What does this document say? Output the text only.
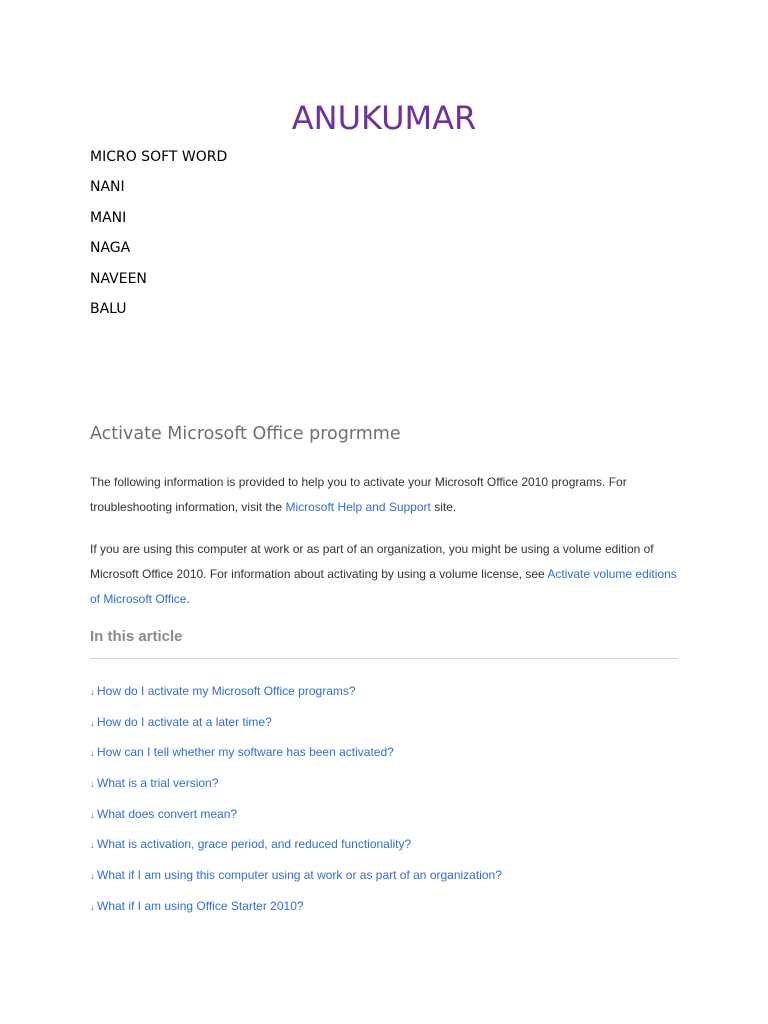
ANUKUMAR
MICRO SOFT WORD
NANI
MANI
NAGA
NAVEEN
BALU
Activate Microsoft Office progrmme

The following information is provided to help you to activate your Microsoft Office 2010 programs. For troubleshooting information, visit the Microsoft Help and Support site.

If you are using this computer at work or as part of an organization, you might be using a volume edition of Microsoft Office 2010. For information about activating by using a volume license, see Activate volume editions of Microsoft Office.

In this article
↓ How do I activate my Microsoft Office programs?
↓ How do I activate at a later time?
↓ How can I tell whether my software has been activated?
↓ What is a trial version?
↓ What does convert mean?
↓ What is activation, grace period, and reduced functionality?
↓ What if I am using this computer using at work or as part of an organization?
↓ What if I am using Office Starter 2010?
